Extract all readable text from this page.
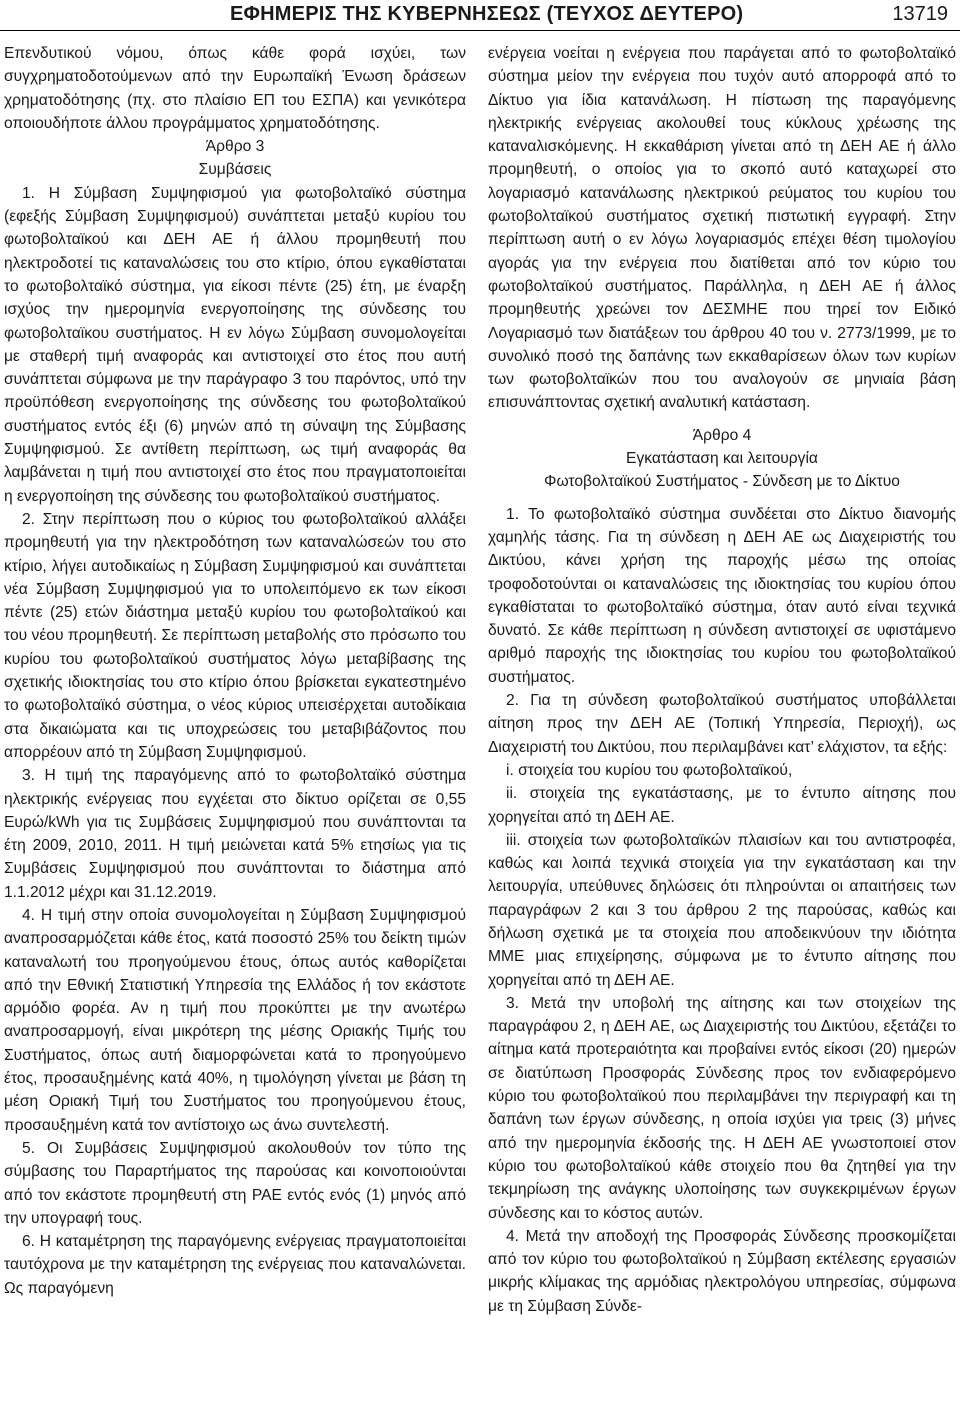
ΕΦΗΜΕΡΙΣ ΤΗΣ ΚΥΒΕΡΝΗΣΕΩΣ (ΤΕΥΧΟΣ ΔΕΥΤΕΡΟ)	13719

Επενδυτικού νόμου, όπως κάθε φορά ισχύει, των συγχρηματοδοτούμενων από την Ευρωπαϊκή Ένωση δράσεων χρηματοδότησης (πχ. στο πλαίσιο ΕΠ του ΕΣΠΑ) και γενικότερα οποιουδήποτε άλλου προγράμματος χρηματοδότησης.

Άρθρο 3

Συμβάσεις

1. Η Σύμβαση Συμψηφισμού για φωτοβολταϊκό σύστημα (εφεξής Σύμβαση Συμψηφισμού) συνάπτεται μεταξύ κυρίου του φωτοβολταϊκού και ΔΕΗ ΑΕ ή άλλου προμηθευτή που ηλεκτροδοτεί τις καταναλώσεις του στο κτίριο, όπου εγκαθίσταται το φωτοβολταϊκό σύστημα, για είκοσι πέντε (25) έτη, με έναρξη ισχύος την ημερομηνία ενεργοποίησης της σύνδεσης του φωτοβολταϊκου συστήματος. Η εν λόγω Σύμβαση συνομολογείται με σταθερή τιμή αναφοράς και αντιστοιχεί στο έτος που αυτή συνάπτεται σύμφωνα με την παράγραφο 3 του παρόντος, υπό την προϋπόθεση ενεργοποίησης της σύνδεσης του φωτοβολταϊκού συστήματος εντός έξι (6) μηνών από τη σύναψη της Σύμβασης Συμψηφισμού. Σε αντίθετη περίπτωση, ως τιμή αναφοράς θα λαμβάνεται η τιμή που αντιστοιχεί στο έτος που πραγματοποιείται η ενεργοποίηση της σύνδεσης του φωτοβολταϊκού συστήματος.

2. Στην περίπτωση που ο κύριος του φωτοβολταϊκού αλλάξει προμηθευτή για την ηλεκτροδότηση των καταναλώσεών του στο κτίριο, λήγει αυτοδικαίως η Σύμβαση Συμψηφισμού και συνάπτεται νέα Σύμβαση Συμψηφισμού για το υπολειπόμενο εκ των είκοσι πέντε (25) ετών διάστημα μεταξύ κυρίου του φωτοβολταϊκού και του νέου προμηθευτή. Σε περίπτωση μεταβολής στο πρόσωπο του κυρίου του φωτοβολταϊκού συστήματος λόγω μεταβίβασης της σχετικής ιδιοκτησίας του στο κτίριο όπου βρίσκεται εγκατεστημένο το φωτοβολταϊκό σύστημα, ο νέος κύριος υπεισέρχεται αυτοδίκαια στα δικαιώματα και τις υποχρεώσεις του μεταβιβάζοντος που απορρέουν από τη Σύμβαση Συμψηφισμού.

3. Η τιμή της παραγόμενης από το φωτοβολταϊκό σύστημα ηλεκτρικής ενέργειας που εγχέεται στο δίκτυο ορίζεται σε 0,55 Ευρώ/kWh για τις Συμβάσεις Συμψηφισμού που συνάπτονται τα έτη 2009, 2010, 2011. Η τιμή μειώνεται κατά 5% ετησίως για τις Συμβάσεις Συμψηφισμού που συνάπτονται το διάστημα από 1.1.2012 μέχρι και 31.12.2019.

4. Η τιμή στην οποία συνομολογείται η Σύμβαση Συμψηφισμού αναπροσαρμόζεται κάθε έτος, κατά ποσοστό 25% του δείκτη τιμών καταναλωτή του προηγούμενου έτους, όπως αυτός καθορίζεται από την Εθνική Στατιστική Υπηρεσία της Ελλάδος ή τον εκάστοτε αρμόδιο φορέα. Αν η τιμή που προκύπτει με την ανωτέρω αναπροσαρμογή, είναι μικρότερη της μέσης Οριακής Τιμής του Συστήματος, όπως αυτή διαμορφώνεται κατά το προηγούμενο έτος, προσαυξημένης κατά 40%, η τιμολόγηση γίνεται με βάση τη μέση Οριακή Τιμή του Συστήματος του προηγούμενου έτους, προσαυξημένη κατά τον αντίστοιχο ως άνω συντελεστή.

5. Οι Συμβάσεις Συμψηφισμού ακολουθούν τον τύπο της σύμβασης του Παραρτήματος της παρούσας και κοινοποιούνται από τον εκάστοτε προμηθευτή στη ΡΑΕ εντός ενός (1) μηνός από την υπογραφή τους.

6. Η καταμέτρηση της παραγόμενης ενέργειας πραγματοποιείται ταυτόχρονα με την καταμέτρηση της ενέργειας που καταναλώνεται. Ως παραγόμενη

ενέργεια νοείται η ενέργεια που παράγεται από το φωτοβολταϊκό σύστημα μείον την ενέργεια που τυχόν αυτό απορροφά από το Δίκτυο για ίδια κατανάλωση. Η πίστωση της παραγόμενης ηλεκτρικής ενέργειας ακολουθεί τους κύκλους χρέωσης της καταναλισκόμενης. Η εκκαθάριση γίνεται από τη ΔΕΗ ΑΕ ή άλλο προμηθευτή, ο οποίος για το σκοπό αυτό καταχωρεί στο λογαριασμό κατανάλωσης ηλεκτρικού ρεύματος του κυρίου του φωτοβολταϊκού συστήματος σχετική πιστωτική εγγραφή. Στην περίπτωση αυτή ο εν λόγω λογαριασμός επέχει θέση τιμολογίου αγοράς για την ενέργεια που διατίθεται από τον κύριο του φωτοβολταϊκού συστήματος. Παράλληλα, η ΔΕΗ ΑΕ ή άλλος προμηθευτής χρεώνει τον ΔΕΣΜΗΕ που τηρεί τον Ειδικό Λογαριασμό των διατάξεων του άρθρου 40 του ν. 2773/1999, με το συνολικό ποσό της δαπάνης των εκκαθαρίσεων όλων των κυρίων των φωτοβολταϊκών που του αναλογούν σε μηνιαία βάση επισυνάπτοντας σχετική αναλυτική κατάσταση.

Άρθρο 4

Εγκατάσταση και λειτουργία

Φωτοβολταϊκού Συστήματος - Σύνδεση με το Δίκτυο

1. Το φωτοβολταϊκό σύστημα συνδέεται στο Δίκτυο διανομής χαμηλής τάσης. Για τη σύνδεση η ΔΕΗ ΑΕ ως Διαχειριστής του Δικτύου, κάνει χρήση της παροχής μέσω της οποίας τροφοδοτούνται οι καταναλώσεις της ιδιοκτησίας του κυρίου όπου εγκαθίσταται το φωτοβολταϊκό σύστημα, όταν αυτό είναι τεχνικά δυνατό. Σε κάθε περίπτωση η σύνδεση αντιστοιχεί σε υφιστάμενο αριθμό παροχής της ιδιοκτησίας του κυρίου του φωτοβολταϊκού συστήματος.

2. Για τη σύνδεση φωτοβολταϊκού συστήματος υποβάλλεται αίτηση προς την ΔΕΗ ΑΕ (Τοπική Υπηρεσία, Περιοχή), ως Διαχειριστή του Δικτύου, που περιλαμβάνει κατ’ ελάχιστον, τα εξής:

i. στοιχεία του κυρίου του φωτοβολταϊκού,

ii. στοιχεία της εγκατάστασης, με το έντυπο αίτησης που χορηγείται από τη ΔΕΗ ΑΕ.

iii. στοιχεία των φωτοβολταϊκών πλαισίων και του αντιστροφέα, καθώς και λοιπά τεχνικά στοιχεία για την εγκατάσταση και την λειτουργία, υπεύθυνες δηλώσεις ότι πληρούνται οι απαιτήσεις των παραγράφων 2 και 3 του άρθρου 2 της παρούσας, καθώς και δήλωση σχετικά με τα στοιχεία που αποδεικνύουν την ιδιότητα ΜΜΕ μιας επιχείρησης, σύμφωνα με το έντυπο αίτησης που χορηγείται από τη ΔΕΗ ΑΕ.

3. Μετά την υποβολή της αίτησης και των στοιχείων της παραγράφου 2, η ΔΕΗ ΑΕ, ως Διαχειριστής του Δικτύου, εξετάζει το αίτημα κατά προτεραιότητα και προβαίνει εντός είκοσι (20) ημερών σε διατύπωση Προσφοράς Σύνδεσης προς τον ενδιαφερόμενο κύριο του φωτοβολταϊκού που περιλαμβάνει την περιγραφή και τη δαπάνη των έργων σύνδεσης, η οποία ισχύει για τρεις (3) μήνες από την ημερομηνία έκδοσής της. Η ΔΕΗ ΑΕ γνωστοποιεί στον κύριο του φωτοβολταϊκού κάθε στοιχείο που θα ζητηθεί για την τεκμηρίωση της ανάγκης υλοποίησης των συγκεκριμένων έργων σύνδεσης και το κόστος αυτών.

4. Μετά την αποδοχή της Προσφοράς Σύνδεσης προσκομίζεται από τον κύριο του φωτοβολταϊκού η Σύμβαση εκτέλεσης εργασιών μικρής κλίμακας της αρμόδιας ηλεκτρολόγου υπηρεσίας, σύμφωνα με τη Σύμβαση Σύνδε-
